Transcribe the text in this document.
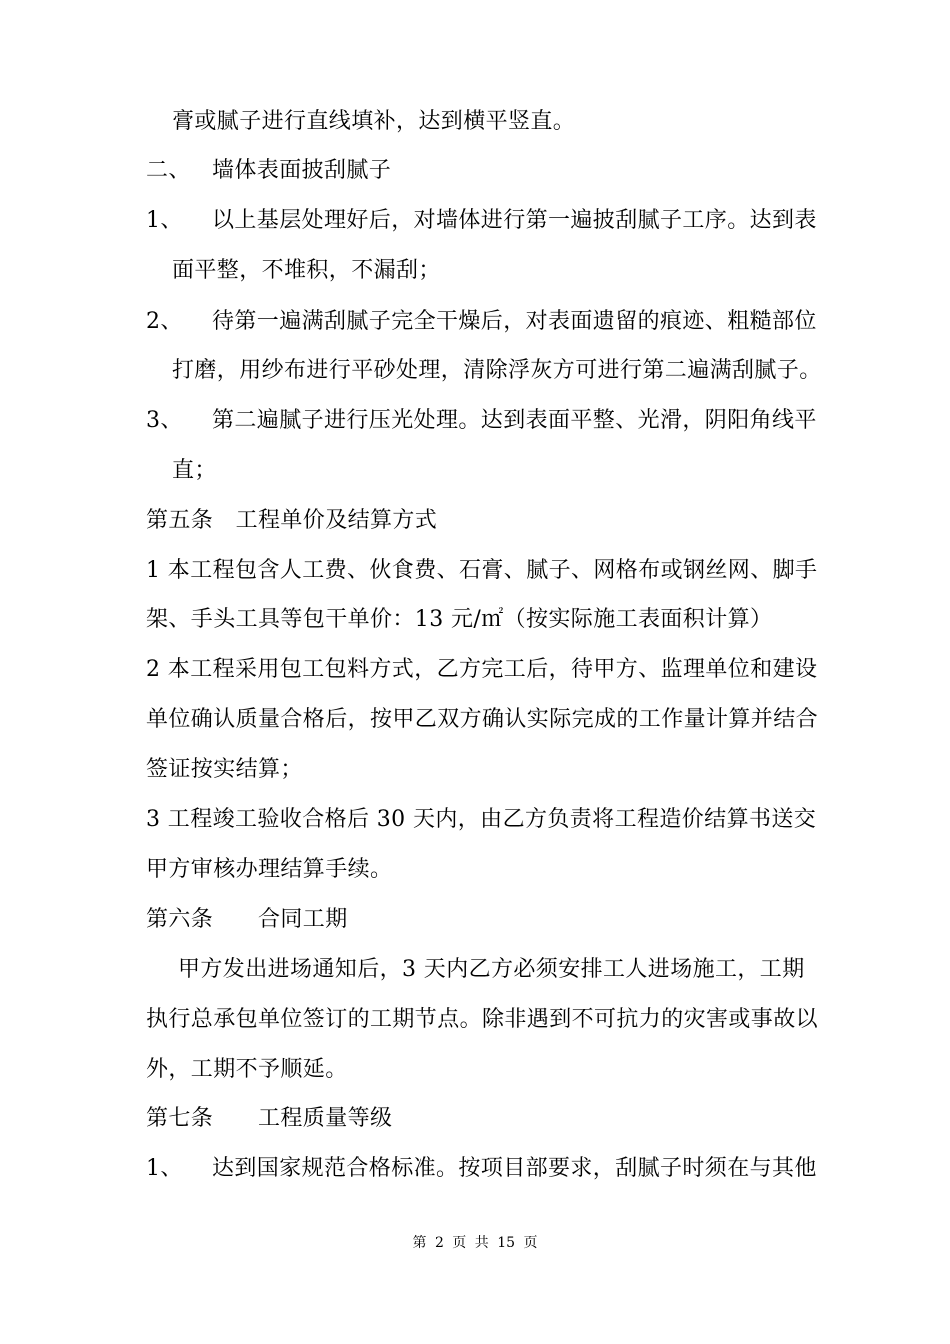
膏或腻子进行直线填补，达到横平竖直。

二、 墙体表面披刮腻子

1、 以上基层处理好后，对墙体进行第一遍披刮腻子工序。达到表

面平整，不堆积，不漏刮；

2、 待第一遍满刮腻子完全干燥后，对表面遗留的痕迹、粗糙部位

打磨，用纱布进行平砂处理，清除浮灰方可进行第二遍满刮腻子。

3、 第二遍腻子进行压光处理。达到表面平整、光滑，阴阳角线平

直；

第五条　工程单价及结算方式

1 本工程包含人工费、伙食费、石膏、腻子、网格布或钢丝网、脚手

架、手头工具等包干单价：13 元/㎡（按实际施工表面积计算）

2 本工程采用包工包料方式，乙方完工后，待甲方、监理单位和建设

单位确认质量合格后，按甲乙双方确认实际完成的工作量计算并结合

签证按实结算；

3 工程竣工验收合格后 30 天内，由乙方负责将工程造价结算书送交

甲方审核办理结算手续。

第六条　　合同工期

甲方发出进场通知后，3 天内乙方必须安排工人进场施工，工期

执行总承包单位签订的工期节点。除非遇到不可抗力的灾害或事故以

外，工期不予顺延。

第七条　　工程质量等级

1、 达到国家规范合格标准。按项目部要求，刮腻子时须在与其他

第 2 页 共 15 页
